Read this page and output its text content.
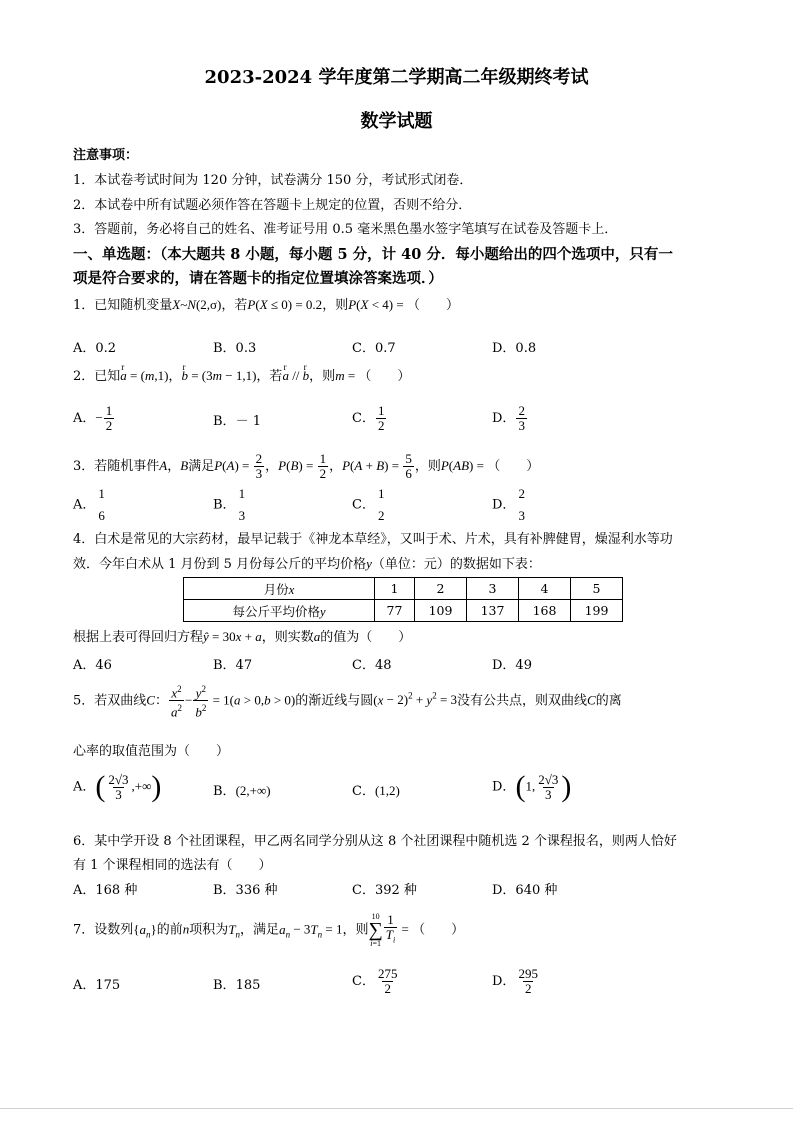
2023-2024 学年度第二学期高二年级期终考试
数学试题
注意事项：
1．本试卷考试时间为 120 分钟，试卷满分 150 分，考试形式闭卷．
2．本试卷中所有试题必须作答在答题卡上规定的位置，否则不给分．
3．答题前，务必将自己的姓名、准考证号用 0.5 毫米黑色墨水签字笔填写在试卷及答题卡上．
一、单选题：（本大题共 8 小题，每小题 5 分，计 40 分．每小题给出的四个选项中，只有一
项是符合要求的，请在答题卡的指定位置填涂答案选项．）
1．已知随机变量X~N(2,σ)，若P(X ≤ 0) = 0.2，则P(X < 4) = （　　）
A．0.2	B．0.3	C．0.7	D．0.8
2．已知r a = (m,1)，r b = (3m − 1,1)，若r a // r b，则m = （　　）
A．− $\frac{1}{2}$	B．－ 1	C． $\frac{1}{2}$	D． $\frac{2}{3}$
3．若随机事件A，B满足$P(A) = \frac{2}{3}$ ，$P(B) = \frac{1}{2}$ ，$P(A + B) = \frac{5}{6}$ ，则P(AB) = （　　）
A．
1
6
B．
1
3
C．
1
2
D．
2
3
4．白术是常见的大宗药材，最早记载于《神龙本草经》，又叫于术、片术，具有补脾健胃，燥湿利水等功
效．今年白术从 1 月份到 5 月份每公斤的平均价格y（单位：元）的数据如下表：
月份x	1	2	3	4	5
每公斤平均价格y	77	109	137	168	199
根据上表可得回归方程ŷ = 30x + a，则实数a的值为（　　）
A．46	B．47	C．48	D．49
5．若双曲线C： $\frac{x^2}{a^2} - \frac{y^2}{b^2} = 1(a > 0,b > 0)$的渐近线与圆$(x - 2)^2 + y^2 = 3$没有公共点，则双曲线C的离
心率的取值范围为（　　）
A．( $\frac{2√3}{3}$ ,+∞)	B．(2,+∞)	C．(1,2)	D．(1, $\frac{2√3}{3}$ )
6．某中学开设 8 个社团课程，甲乙两名同学分别从这 8 个社团课程中随机选 2 个课程报名，则两人恰好
有 1 个课程相同的选法有（　　）
A．168 种	B．336 种	C．392 种	D．640 种
7．设数列$\{a_n\}$的前n项积为$T_n$，满足$a_n - 3T_n = 1$，则
10
∑
$i=1 \frac{1}{T_i}$ = （　　）
A．175	B．185	C． $\frac{275}{2}$	D． $\frac{295}{2}$
